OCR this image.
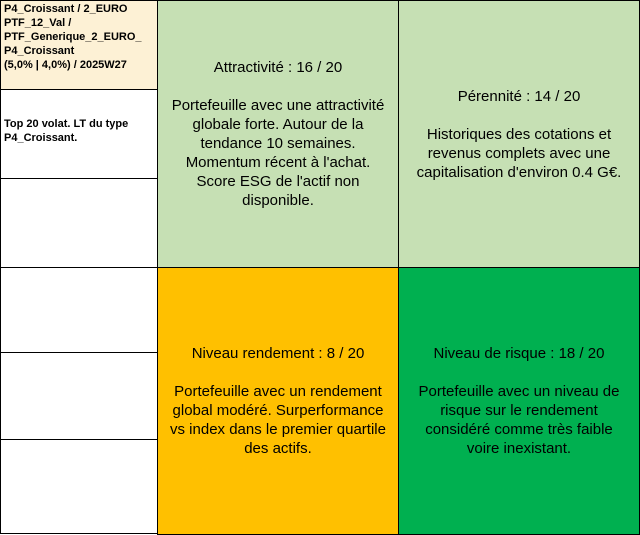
P4_Croissant / 2_EURO
PTF_12_Val /
PTF_Generique_2_EURO_
P4_Croissant
(5,0% | 4,0%) / 2025W27
Top 20 volat. LT du type
P4_Croissant.
Attractivité : 16 / 20
Portefeuille avec une attractivité
globale forte. Autour de la
tendance 10 semaines.
Momentum récent à l'achat.
Score ESG de l'actif non
disponible.
Pérennité : 14 / 20
Historiques des cotations et
revenus complets avec une
capitalisation d'environ 0.4 G€.
Niveau rendement : 8 / 20
Portefeuille avec un rendement
global modéré. Surperformance
vs index dans le premier quartile
des actifs.
Niveau de risque : 18 / 20
Portefeuille avec un niveau de
risque sur le rendement
considéré comme très faible
voire inexistant.
